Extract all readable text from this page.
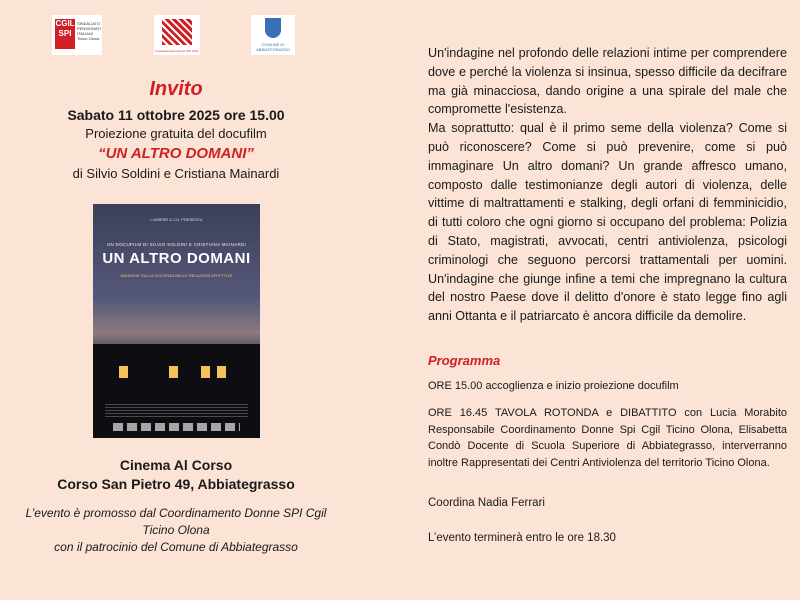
CGIL SPI
SINDACATO PENSIONATI ITALIANI Ticino Olona
Coordinamento Donne SPI CGIL
COMUNE DI ABBIATEGRASSO
Invito
Sabato 11 ottobre 2025 ore 15.00
Proiezione gratuita del docufilm
“UN ALTRO DOMANI”
di Silvio Soldini e Cristiana Mainardi
LUMIERE & CO. PRESENTA
UN DOCUFILM DI SILVIO SOLDINI E CRISTIANA MAINARDI
UN ALTRO DOMANI
INDAGINE SULLA VIOLENZA NELLE RELAZIONI AFFETTIVE
Cinema Al Corso
Corso San Pietro 49, Abbiategrasso
L’evento è promosso dal Coordinamento Donne SPI Cgil
Ticino Olona
con il patrocinio del Comune di Abbiategrasso

Un'indagine nel profondo delle relazioni intime per comprendere dove e perché la violenza si insinua, spesso difficile da decifrare ma già minacciosa, dando origine a una spirale del male che compromette l'esistenza.

Ma soprattutto: qual è il primo seme della violenza? Come si può riconoscere? Come si può prevenire, come si può immaginare Un altro domani? Un grande affresco umano, composto dalle testimonianze degli autori di violenza, delle vittime di maltrattamenti e stalking, degli orfani di femminicidio, di tutti coloro che ogni giorno si occupano del problema: Polizia di Stato, magistrati, avvocati, centri antiviolenza, psicologi criminologi che seguono percorsi trattamentali per uomini. Un'indagine che giunge infine a temi che impregnano la cultura del nostro Paese dove il delitto d'onore è stato legge fino agli anni Ottanta e il patriarcato è ancora difficile da demolire.

Programma
ORE 15.00 accoglienza e inizio proiezione docufilm
ORE 16.45 TAVOLA ROTONDA e DIBATTITO con Lucia Morabito Responsabile Coordinamento Donne Spi Cgil Ticino Olona, Elisabetta Condò Docente di Scuola Superiore di Abbiategrasso, interverranno inoltre Rappresentati dei Centri Antiviolenza del territorio Ticino Olona.
Coordina Nadia Ferrari
L’evento terminerà entro le ore 18.30
